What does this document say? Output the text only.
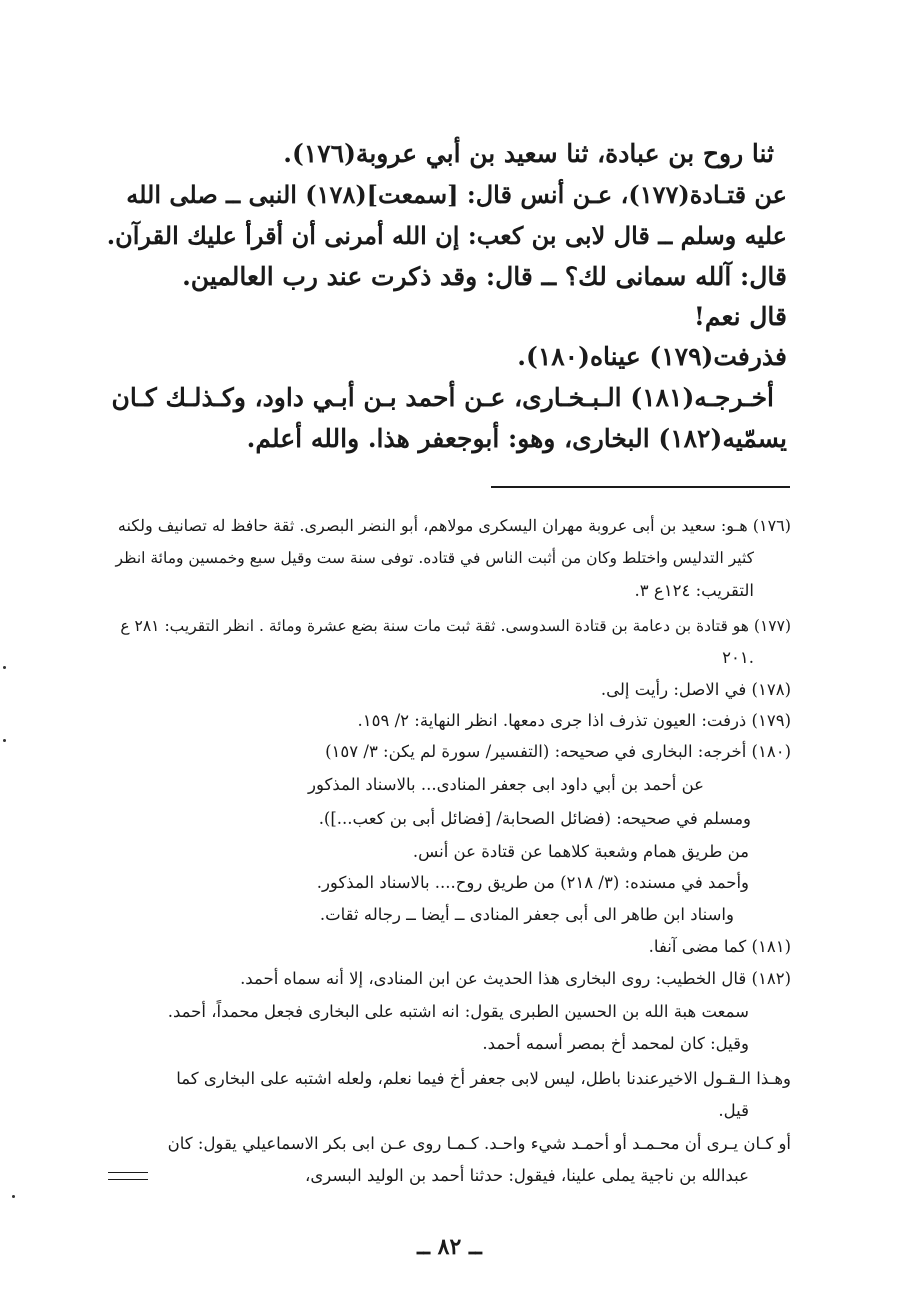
ثنا روح بن عبادة، ثنا سعيد بن أبي عروبة(١٧٦).
عن قتـادة(١٧٧)، عـن أنس قال: [سمعت](١٧٨) النبى ــ صلى الله
عليه وسلم ــ قال لابى بن كعب: إن الله أمرنى أن أقرأ عليك القرآن.
قال: آلله سمانى لك؟ ــ قال: وقد ذكرت عند رب العالمين.
قال نعم!
فذرفت(١٧٩) عيناه(١٨٠).
أخـرجـه(١٨١) الـبـخـارى، عـن أحمد بـن أبـي داود، وكـذلـك كـان
يسمّيه(١٨٢) البخارى، وهو: أبوجعفر هذا. والله أعلم.
(١٧٦) هـو: سعيد بن أبى عروبة مهران اليسكرى مولاهم، أبو النضر البصرى. ثقة حافظ له تصانيف ولكنه
كثير التدليس واختلط وكان من أثبت الناس في قتاده. توفى سنة ست وقيل سبع وخمسين ومائة انظر
التقريب: ١٢٤ع ٣.
(١٧٧) هو قتادة بن دعامة بن قتادة السدوسى. ثقة ثبت مات سنة بضع عشرة ومائة . انظر التقريب: ٢٨١ ع
٢٠١.
(١٧٨) في الاصل: رأيت إلى.
(١٧٩) ذرفت: العيون تذرف اذا جرى دمعها. انظر النهاية: ٢/ ١٥٩.
(١٨٠) أخرجه: البخارى في صحيحه: (التفسير/ سورة لم يكن: ٣/ ١٥٧)
عن أحمد بن أبي داود ابى جعفر المنادى... بالاسناد المذكور
ومسلم في صحيحه: (فضائل الصحابة/ [فضائل أبى بن كعب...]).
من طريق همام وشعبة كلاهما عن قتادة عن أنس.
وأحمد في مسنده: (٣/ ٢١٨) من طريق روح.... بالاسناد المذكور.
واسناد ابن طاهر الى أبى جعفر المنادى ــ أيضا ــ رجاله ثقات.
(١٨١) كما مضى آنفا.
(١٨٢) قال الخطيب: روى البخارى هذا الحديث عن ابن المنادى، إلا أنه سماه أحمد.
سمعت هبة الله بن الحسين الطبرى يقول: انه اشتبه على البخارى فجعل محمداً، أحمد.
وقيل: كان لمحمد أخ بمصر أسمه أحمد.
وهـذا الـقـول الاخيرعندنا باطل، ليس لابى جعفر أخ فيما نعلم، ولعله اشتبه على البخارى كما
قيل.
أو كـان يـرى أن محـمـد أو أحمـد شيء واحـد. كـمـا روى عـن ابى بكر الاسماعيلي يقول: كان
عبدالله بن ناجية يملى علينا، فيقول: حدثنا أحمد بن الوليد البسرى،
ــ ٨٢ ــ
